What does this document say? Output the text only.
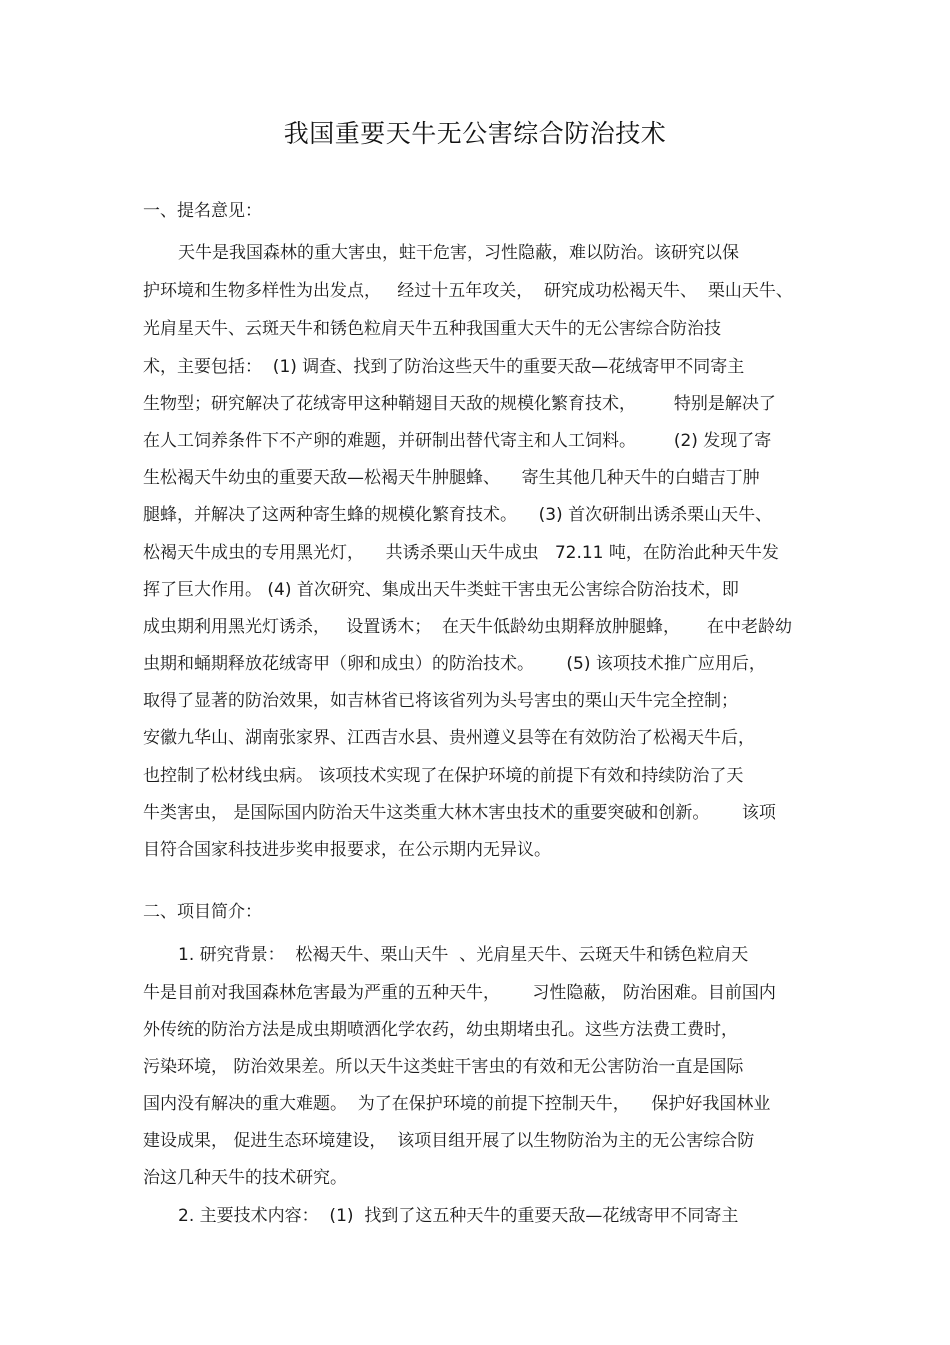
我国重要天牛无公害综合防治技术
一、提名意见：
天牛是我国森林的重大害虫，蛀干危害，习性隐蔽，难以防治。该研究以保
护环境和生物多样性为出发点，   经过十五年攻关，  研究成功松褐天牛、  栗山天牛、
光肩星天牛、云斑天牛和锈色粒肩天牛五种我国重大天牛的无公害综合防治技
术，主要包括：  (1) 调查、找到了防治这些天牛的重要天敌—花绒寄甲不同寄主
生物型；研究解决了花绒寄甲这种鞘翅目天敌的规模化繁育技术，       特别是解决了
在人工饲养条件下不产卵的难题，并研制出替代寄主和人工饲料。       (2) 发现了寄
生松褐天牛幼虫的重要天敌—松褐天牛肿腿蜂、    寄生其他几种天牛的白蜡吉丁肿
腿蜂，并解决了这两种寄生蜂的规模化繁育技术。    (3) 首次研制出诱杀栗山天牛、
松褐天牛成虫的专用黑光灯，    共诱杀栗山天牛成虫   72.11 吨，在防治此种天牛发
挥了巨大作用。 (4) 首次研究、集成出天牛类蛀干害虫无公害综合防治技术，即
成虫期利用黑光灯诱杀，   设置诱木；  在天牛低龄幼虫期释放肿腿蜂，     在中老龄幼
虫期和蛹期释放花绒寄甲（卵和成虫）的防治技术。      (5) 该项技术推广应用后，
取得了显著的防治效果，如吉林省已将该省列为头号害虫的栗山天牛完全控制；
安徽九华山、湖南张家界、江西吉水县、贵州遵义县等在有效防治了松褐天牛后，
也控制了松材线虫病。 该项技术实现了在保护环境的前提下有效和持续防治了天
牛类害虫， 是国际国内防治天牛这类重大林木害虫技术的重要突破和创新。      该项
目符合国家科技进步奖申报要求，在公示期内无异议。
二、项目简介：
1. 研究背景：  松褐天牛、栗山天牛  、光肩星天牛、云斑天牛和锈色粒肩天
牛是目前对我国森林危害最为严重的五种天牛，      习性隐蔽， 防治困难。目前国内
外传统的防治方法是成虫期喷洒化学农药，幼虫期堵虫孔。这些方法费工费时，
污染环境， 防治效果差。所以天牛这类蛀干害虫的有效和无公害防治一直是国际
国内没有解决的重大难题。  为了在保护环境的前提下控制天牛，    保护好我国林业
建设成果， 促进生态环境建设，  该项目组开展了以生物防治为主的无公害综合防
治这几种天牛的技术研究。
2. 主要技术内容：  (1)  找到了这五种天牛的重要天敌—花绒寄甲不同寄主
